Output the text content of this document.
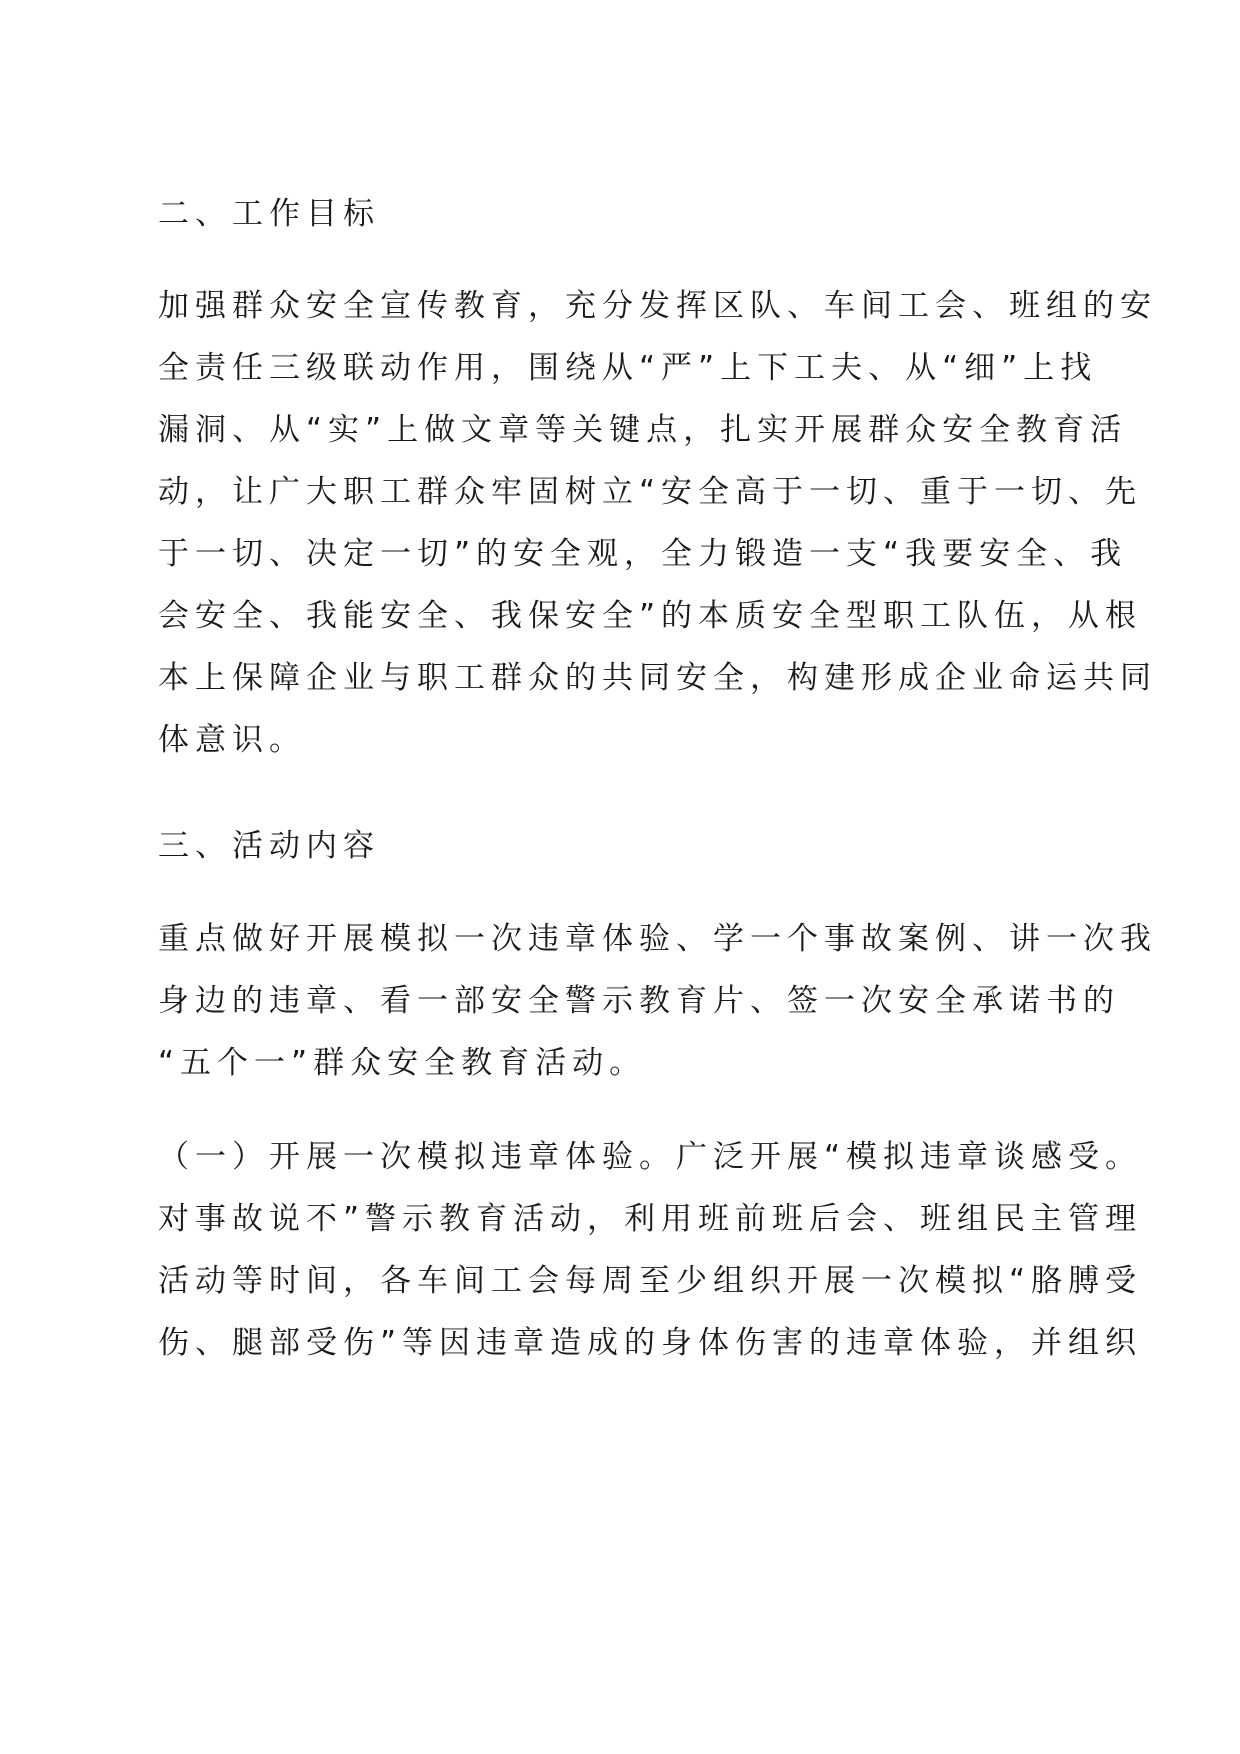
二、工作目标

加强群众安全宣传教育，充分发挥区队、车间工会、班组的安
全责任三级联动作用，围绕从“严”上下工夫、从“细”上找
漏洞、从“实”上做文章等关键点，扎实开展群众安全教育活
动，让广大职工群众牢固树立“安全高于一切、重于一切、先
于一切、决定一切”的安全观，全力锻造一支“我要安全、我
会安全、我能安全、我保安全”的本质安全型职工队伍，从根
本上保障企业与职工群众的共同安全，构建形成企业命运共同
体意识。

三、活动内容

重点做好开展模拟一次违章体验、学一个事故案例、讲一次我
身边的违章、看一部安全警示教育片、签一次安全承诺书的
“五个一”群众安全教育活动。

（一）开展一次模拟违章体验。广泛开展“模拟违章谈感受。
对事故说不”警示教育活动，利用班前班后会、班组民主管理
活动等时间，各车间工会每周至少组织开展一次模拟“胳膊受
伤、腿部受伤”等因违章造成的身体伤害的违章体验，并组织
